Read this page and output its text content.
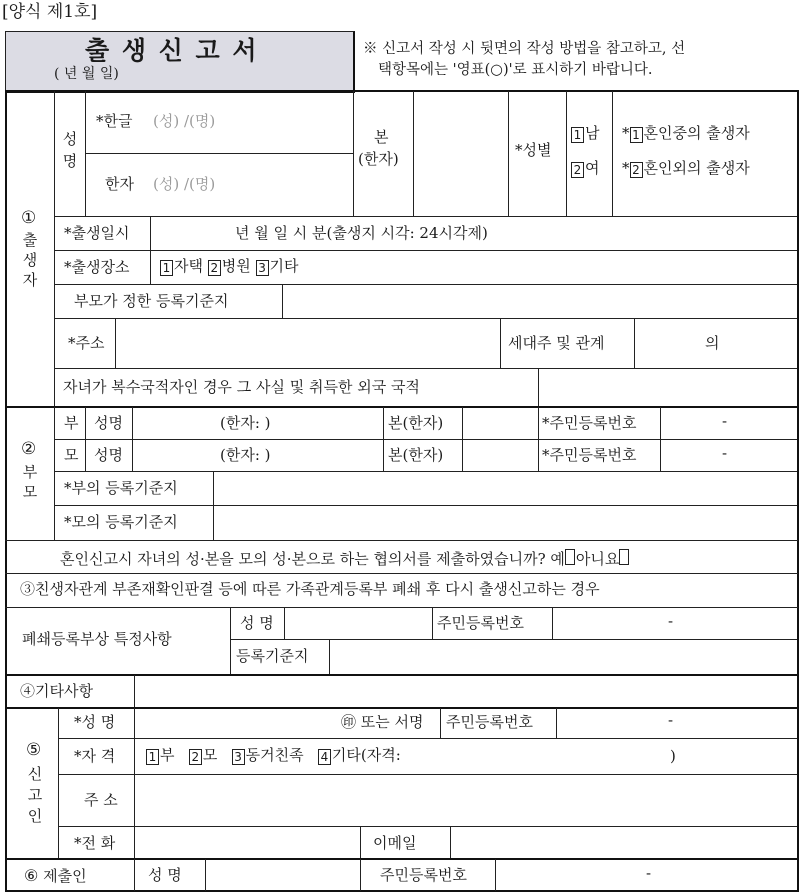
[양식 제1호]
출 생 신 고 서
( 년 월 일)
※ 신고서 작성 시 뒷면의 작성 방법을 참고하고, 선
택항목에는 '영표(○)'로 표시하기 바랍니다.
①
출생자
성명
*한글 (성) /(명)
한자 (성) /(명)
본
(한자)	*성별
1 남
2 여
* 1 혼인중의 출생자
* 2 혼인외의 출생자
*출생일시	년 월 일 시 분(출생지 시각: 24시각제)
*출생장소	1 자택 2 병원 3 기타
부모가 정한 등록기준지
*주소	세대주 및 관계	의
자녀가 복수국적자인 경우 그 사실 및 취득한 외국 국적
②
부모
부 성명	(한자: )	본(한자)	*주민등록번호	-
모 성명	(한자: )	본(한자)	*주민등록번호	-
*부의 등록기준지
*모의 등록기준지
혼인신고시 자녀의 성·본을 모의 성·본으로 하는 협의서를 제출하였습니까? 예 아니요
③친생자관계 부존재확인판결 등에 따른 가족관계등록부 폐쇄 후 다시 출생신고하는 경우
폐쇄등록부상 특정사항
성 명	주민등록번호	-
등록기준지
④기타사항
⑤
신고인
*성 명	㊞ 또는 서명 주민등록번호	-
*자 격	1 부 2 모 3 동거친족 4 기타(자격:	)
주 소
*전 화	이메일
⑥ 제출인	성 명	주민등록번호	-
